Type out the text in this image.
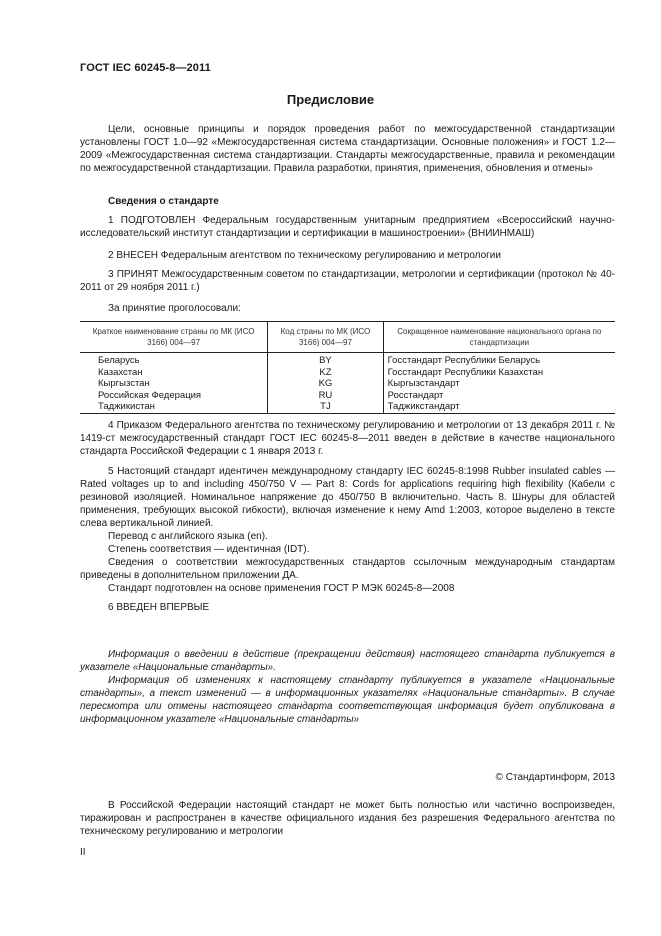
ГОСТ IEC 60245-8—2011
Предисловие
Цели, основные принципы и порядок проведения работ по межгосударственной стандартизации установлены ГОСТ 1.0—92 «Межгосударственная система стандартизации. Основные положения» и ГОСТ 1.2—2009 «Межгосударственная система стандартизации. Стандарты межгосударственные, правила и рекомендации по межгосударственной стандартизации. Правила разработки, принятия, применения, обновления и отмены»
Сведения о стандарте
1 ПОДГОТОВЛЕН Федеральным государственным унитарным предприятием «Всероссийский научно-исследовательский институт стандартизации и сертификации в машиностроении» (ВНИИНМАШ)
2 ВНЕСЕН Федеральным агентством по техническому регулированию и метрологии
3 ПРИНЯТ Межгосударственным советом по стандартизации, метрологии и сертификации (протокол № 40-2011 от 29 ноября 2011 г.)
За принятие проголосовали:
Краткое наименование страны по МК (ИСО 3166) 004—97	Код страны по МК (ИСО 3166) 004—97	Сокращенное наименование национального органа по стандартизации
Беларусь	BY	Госстандарт Республики Беларусь
Казахстан	KZ	Госстандарт Республики Казахстан
Кыргызстан	KG	Кыргызстандарт
Российская Федерация	RU	Росстандарт
Таджикистан	TJ	Таджикстандарт
4 Приказом Федерального агентства по техническому регулированию и метрологии от 13 декабря 2011 г. № 1419-ст межгосударственный стандарт ГОСТ IEC 60245-8—2011 введен в действие в качестве национального стандарта Российской Федерации с 1 января 2013 г.
5 Настоящий стандарт идентичен международному стандарту IEC 60245-8:1998 Rubber insulated cables — Rated voltages up to and including 450/750 V — Part 8: Cords for applications requiring high flexibility (Кабели с резиновой изоляцией. Номинальное напряжение до 450/750 В включительно. Часть 8. Шнуры для областей применения, требующих высокой гибкости), включая изменение к нему Amd 1:2003, которое выделено в тексте слева вертикальной линией.
Перевод с английского языка (en).
Степень соответствия — идентичная (IDT).
Сведения о соответствии межгосударственных стандартов ссылочным международным стандартам приведены в дополнительном приложении ДА.
Стандарт подготовлен на основе применения ГОСТ Р МЭК 60245-8—2008
6 ВВЕДЕН ВПЕРВЫЕ
Информация о введении в действие (прекращении действия) настоящего стандарта публикуется в указателе «Национальные стандарты».
Информация об изменениях к настоящему стандарту публикуется в указателе «Национальные стандарты», а текст изменений — в информационных указателях «Национальные стандарты». В случае пересмотра или отмены настоящего стандарта соответствующая информация будет опубликована в информационном указателе «Национальные стандарты»
© Стандартинформ, 2013
В Российской Федерации настоящий стандарт не может быть полностью или частично воспроизведен, тиражирован и распространен в качестве официального издания без разрешения Федерального агентства по техническому регулированию и метрологии
II
